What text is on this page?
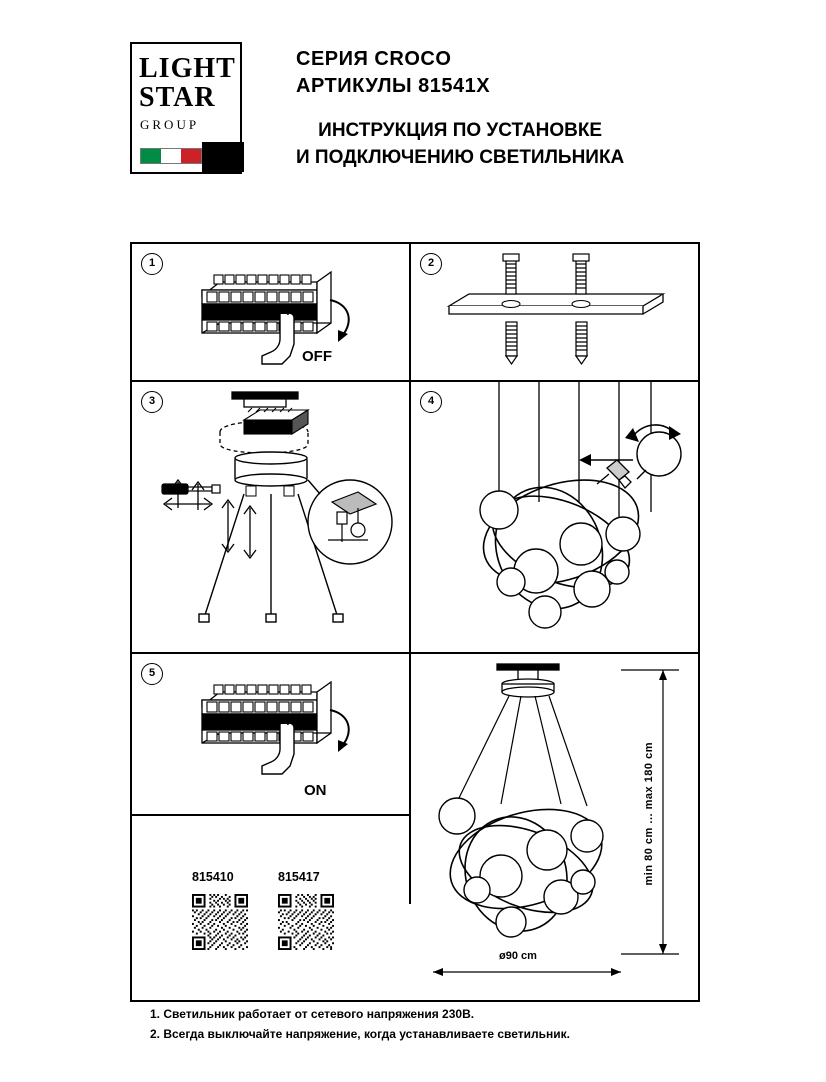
LIGHT
STAR
GROUP
СЕРИЯ CROCO
АРТИКУЛЫ 81541X
ИНСТРУКЦИЯ ПО УСТАНОВКЕ
И ПОДКЛЮЧЕНИЮ СВЕТИЛЬНИКА
1
OFF
2
3	4
5
ON
815410	815417	min 80 cm ... max 180 cm
ø90 cm
1. Светильник работает от сетевого напряжения 230В.
2. Всегда выключайте напряжение, когда устанавливаете светильник.
